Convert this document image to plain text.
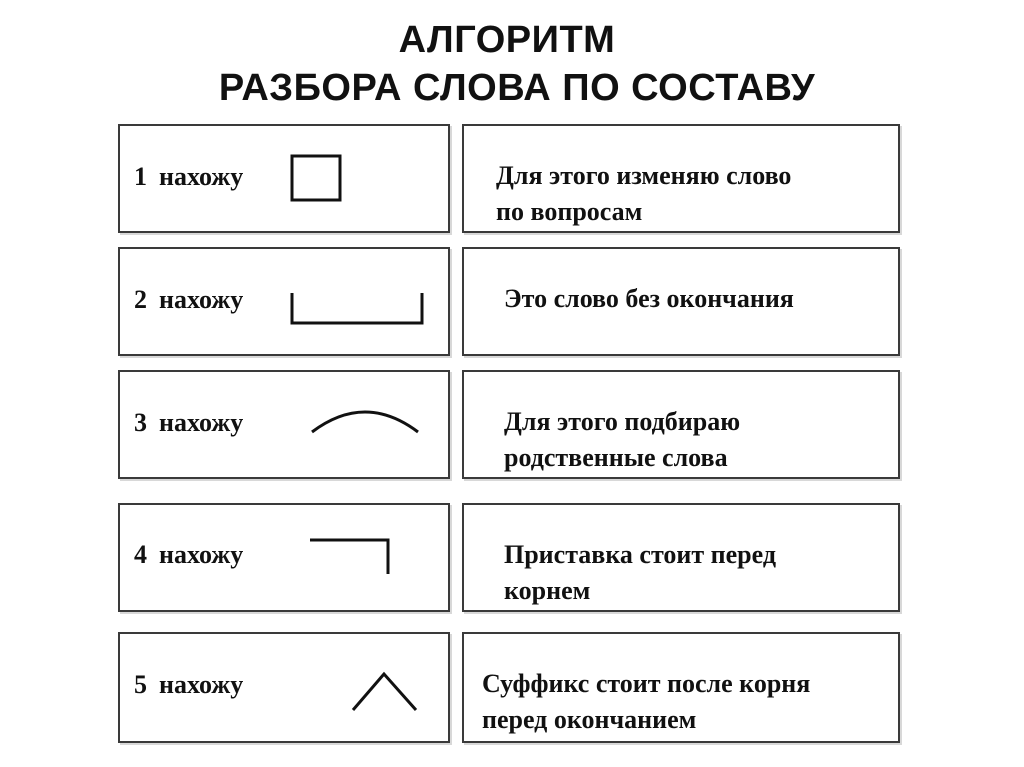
АЛГОРИТМ
РАЗБОРА СЛОВА ПО СОСТАВУ
1 нахожу	Для этого изменяю слово
по вопросам
2 нахожу	Это слово без окончания
3 нахожу	Для этого подбираю
родственные слова
4 нахожу	Приставка стоит перед
корнем
5 нахожу	Суффикс стоит после корня
перед окончанием
